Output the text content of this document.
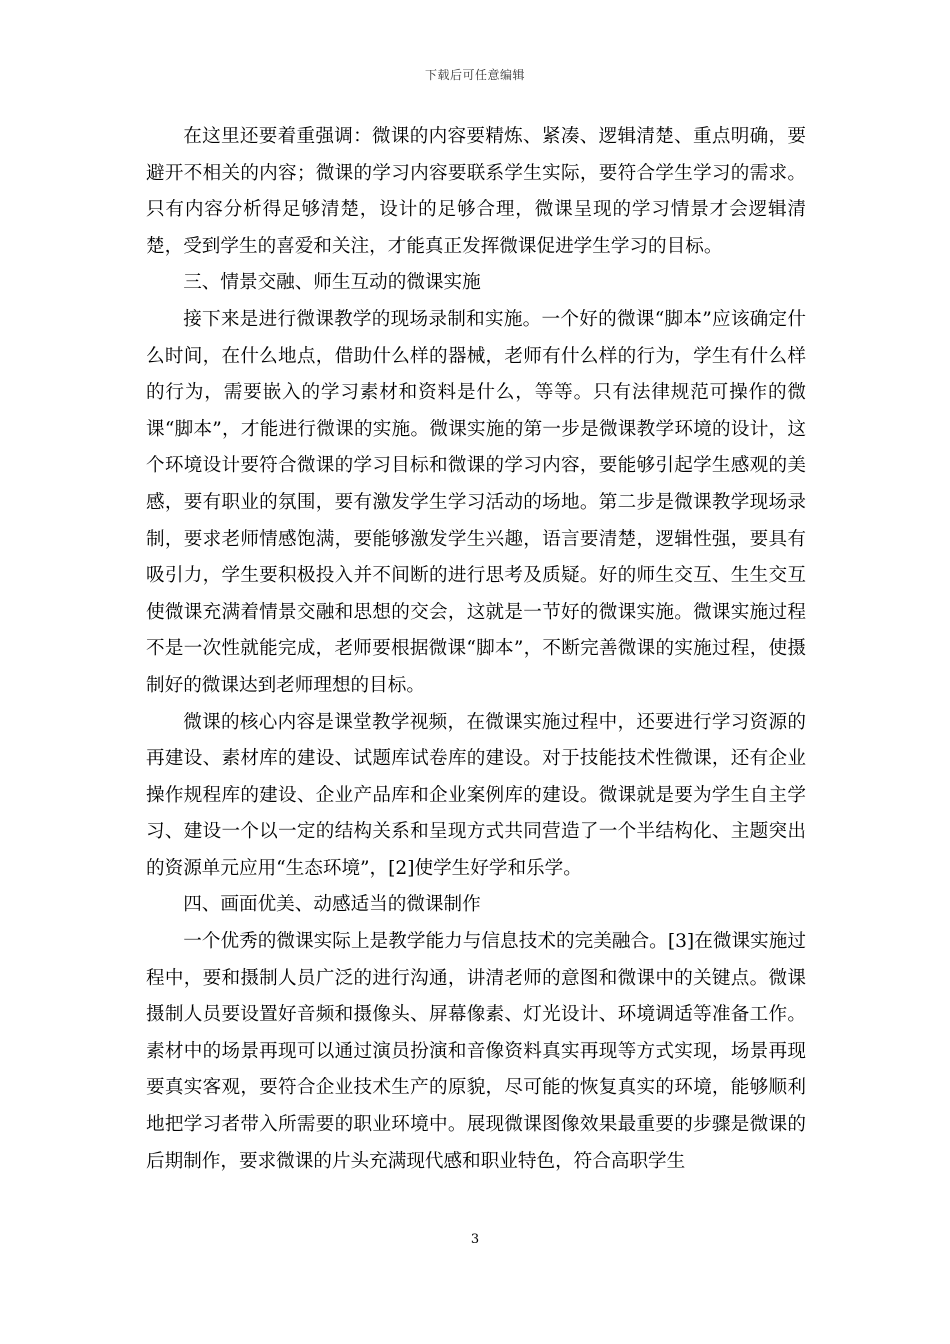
下载后可任意编辑

在这里还要着重强调：微课的内容要精炼、紧凑、逻辑清楚、重点明确，要避开不相关的内容；微课的学习内容要联系学生实际，要符合学生学习的需求。只有内容分析得足够清楚，设计的足够合理，微课呈现的学习情景才会逻辑清楚，受到学生的喜爱和关注，才能真正发挥微课促进学生学习的目标。

三、情景交融、师生互动的微课实施

接下来是进行微课教学的现场录制和实施。一个好的微课“脚本”应该确定什么时间，在什么地点，借助什么样的器械，老师有什么样的行为，学生有什么样的行为，需要嵌入的学习素材和资料是什么，等等。只有法律规范可操作的微课“脚本”，才能进行微课的实施。微课实施的第一步是微课教学环境的设计，这个环境设计要符合微课的学习目标和微课的学习内容，要能够引起学生感观的美感，要有职业的氛围，要有激发学生学习活动的场地。第二步是微课教学现场录制，要求老师情感饱满，要能够激发学生兴趣，语言要清楚，逻辑性强，要具有吸引力，学生要积极投入并不间断的进行思考及质疑。好的师生交互、生生交互使微课充满着情景交融和思想的交会，这就是一节好的微课实施。微课实施过程不是一次性就能完成，老师要根据微课“脚本”，不断完善微课的实施过程，使摄制好的微课达到老师理想的目标。

微课的核心内容是课堂教学视频，在微课实施过程中，还要进行学习资源的再建设、素材库的建设、试题库试卷库的建设。对于技能技术性微课，还有企业操作规程库的建设、企业产品库和企业案例库的建设。微课就是要为学生自主学习、建设一个以一定的结构关系和呈现方式共同营造了一个半结构化、主题突出的资源单元应用“生态环境”，[2]使学生好学和乐学。

四、画面优美、动感适当的微课制作

一个优秀的微课实际上是教学能力与信息技术的完美融合。[3]在微课实施过程中，要和摄制人员广泛的进行沟通，讲清老师的意图和微课中的关键点。微课摄制人员要设置好音频和摄像头、屏幕像素、灯光设计、环境调适等准备工作。素材中的场景再现可以通过演员扮演和音像资料真实再现等方式实现，场景再现要真实客观，要符合企业技术生产的原貌，尽可能的恢复真实的环境，能够顺利地把学习者带入所需要的职业环境中。展现微课图像效果最重要的步骤是微课的后期制作，要求微课的片头充满现代感和职业特色，符合高职学生

3
